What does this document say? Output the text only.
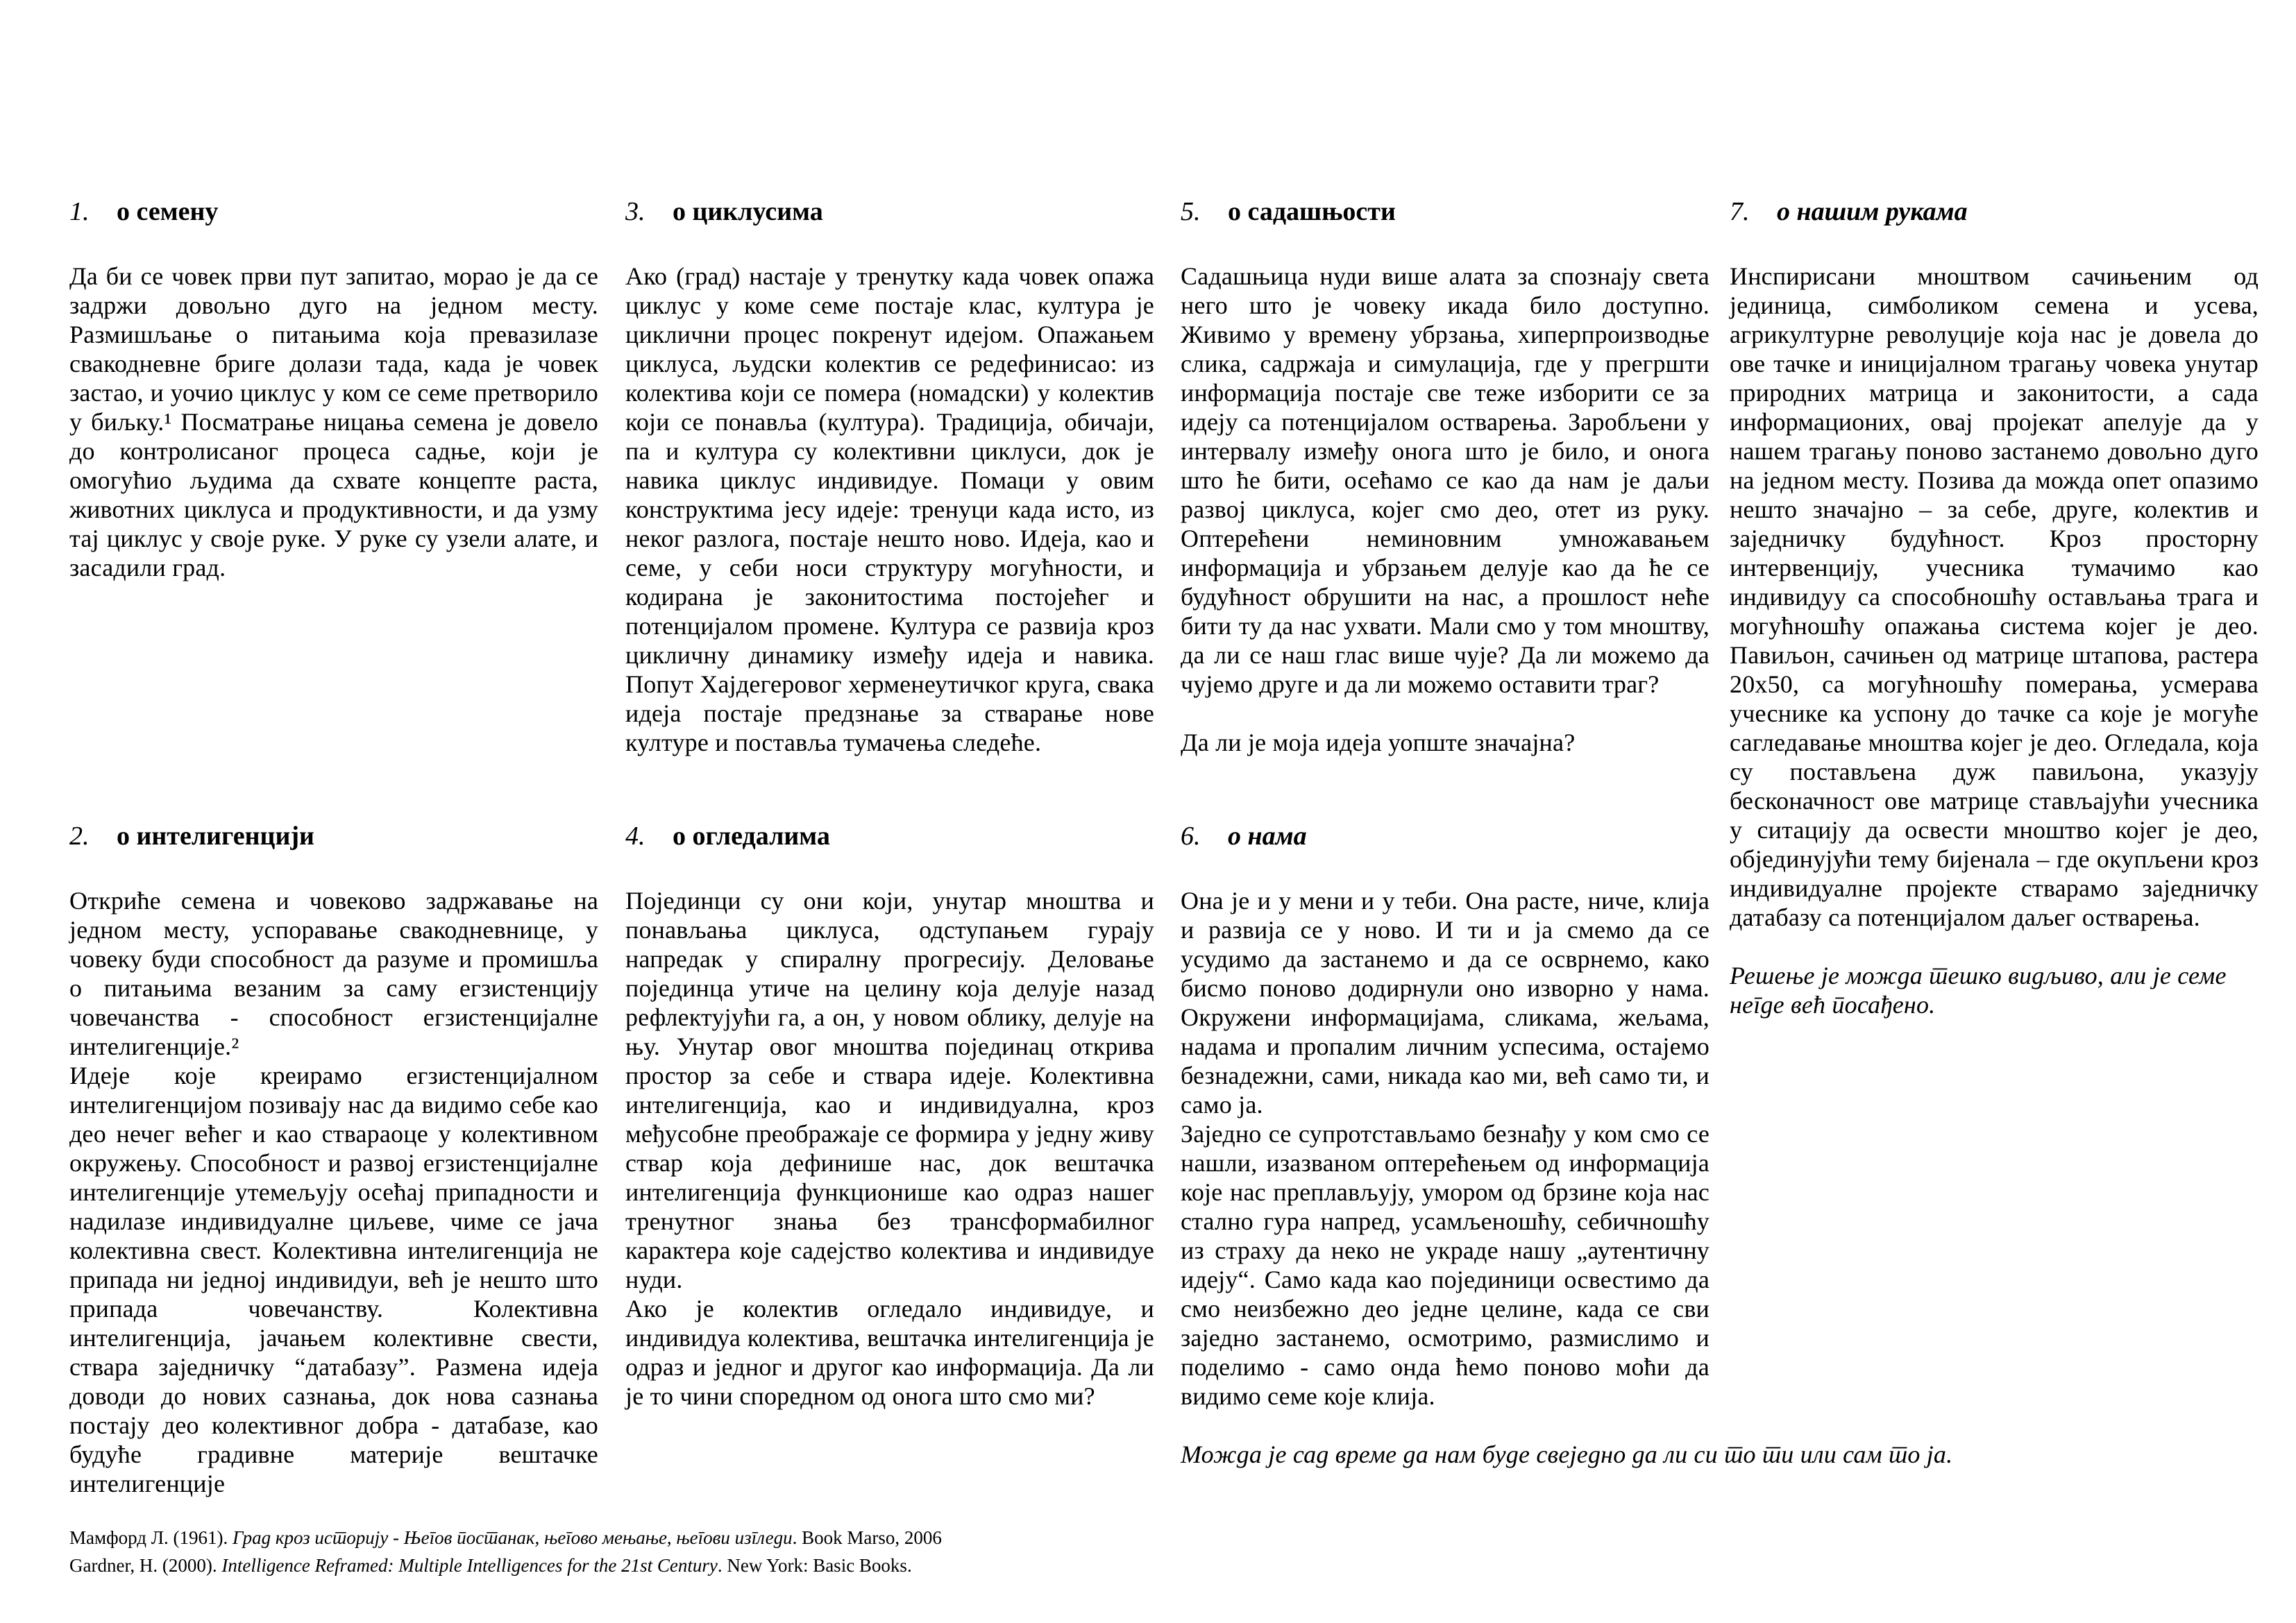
1. о семену

Да би се човек први пут запитао, морао је да се задржи довољно дуго на једном месту. Размишљање о питањима која превазилазе свакодневне бриге долази тада, када је човек застао, и уочио циклус у ком се семе претворило у биљку.¹ Посматрање ницања семена је довело до контролисаног процеса садње, који је омогућио људима да схвате концепте раста, животних циклуса и продуктивности, и да узму тај циклус у своје руке. У руке су узели алате, и засадили град.

2. о интелигенцији

Откриће семена и човеково задржавање на једном месту, успоравање свакодневнице, у човеку буди способност да разуме и промишља о питањима везаним за саму егзистенцију човечанства - способност егзистенцијалне интелигенције.²

Идеје које креирамо егзистенцијалном интелигенцијом позивају нас да видимо себе као део нечег већег и као ствараоце у колективном окружењу. Способност и развој егзистенцијалне интелигенције утемељују осећај припадности и надилазе индивидуалне циљеве, чиме се јача колективна свест. Колективна интелигенција не припада ни једној индивидуи, већ је нешто што припада човечанству. Колективна интелигенција, јачањем колективне свести, ствара заједничку “датабазу”. Размена идеја доводи до нових сазнања, док нова сазнања постају део колективног добра - датабазе, као будуће градивне материје вештачке интелигенције

3. о циклусима

Ако (град) настаје у тренутку када човек опажа циклус у коме семе постаје клас, култура је циклични процес покренут идејом. Опажањем циклуса, људски колектив се редефинисао: из колектива који се помера (номадски) у колектив који се понавља (култура). Традиција, обичаји, па и култура су колективни циклуси, док је навика циклус индивидуе. Помаци у овим конструктима јесу идеје: тренуци када исто, из неког разлога, постаје нешто ново. Идеја, као и семе, у себи носи структуру могућности, и кодирана је законитостима постојећег и потенцијалом промене. Култура се развија кроз цикличну динамику између идеја и навика. Попут Хајдегеровог херменеутичког круга, свака идеја постаје предзнање за стварање нове културе и поставља тумачења следеће.

4. о огледалима

Појединци су они који, унутар мноштва и понављања циклуса, одступањем гурају напредак у спиралну прогресију. Деловање појединца утиче на целину која делује назад рефлектујући га, а он, у новом облику, делује на њу. Унутар овог мноштва појединац открива простор за себе и ствара идеје. Колективна интелигенција, као и индивидуална, кроз међусобне преображаје се формира у једну живу ствар која дефинише нас, док вештачка интелигенција функционише као одраз нашег тренутног знања без трансформабилног карактера које садејство колектива и индивидуе нуди.

Ако је колектив огледало индивидуе, и индивидуа колектива, вештачка интелигенција је одраз и једног и другог као информација. Да ли је то чини споредном од онога што смо ми?

5. о садашњости

Садашњица нуди више алата за спознају света него што је човеку икада било доступно. Живимо у времену убрзања, хиперпроизводње слика, садржаја и симулација, где у прегршти информација постаје све теже изборити се за идеју са потенцијалом остварења. Заробљени у интервалу између онога што је било, и онога што ће бити, осећамо се као да нам је даљи развој циклуса, којег смо део, отет из руку. Оптерећени неминовним умножавањем информација и убрзањем делује као да ће се будућност обрушити на нас, а прошлост неће бити ту да нас ухвати. Мали смо у том мноштву, да ли се наш глас више чује? Да ли можемо да чујемо друге и да ли можемо оставити траг?

Да ли је моја идеја уопште значајна?

6. о нама

Она је и у мени и у теби. Она расте, ниче, клија и развија се у ново. И ти и ја смемо да се усудимо да застанемо и да се осврнемо, како бисмо поново додирнули оно изворно у нама. Окружени информацијама, сликама, жељама, надама и пропалим личним успесима, остајемо безнадежни, сами, никада као ми, већ само ти, и само ја.

Заједно се супротстављамо безнађу у ком смо се нашли, изазваном оптерећењем од информација које нас преплављују, умором од брзине која нас стално гура напред, усамљеношћу, себичношћу из страху да неко не украде нашу „аутентичну идеју“. Само када као појединици освестимо да смо неизбежно део једне целине, када се сви заједно застанемо, осмотримо, размислимо и поделимо - само онда ћемо поново моћи да видимо семе које клија.

Можда је сад време да нам буде свеједно да ли си то ти или сам то ја.

7. о нашим рукама

Инспирисани мноштвом сачињеним од јединица, симболиком семена и усева, агрикултурне револуције која нас је довела до ове тачке и иницијалном трагању човека унутар природних матрица и законитости, а сада информационих, овај пројекат апелује да у нашем трагању поново застанемо довољно дуго на једном месту. Позива да можда опет опазимо нешто значајно – за себе, друге, колектив и заједничку будућност. Кроз просторну интервенцију, учесника тумачимо као индивидуу са способношћу остављања трага и могућношћу опажања система којег је део. Павиљон, сачињен од матрице штапова, растера 20x50, са могућношћу померања, усмерава учеснике ка успону до тачке са које је могуће сагледавање мноштва којег је део. Огледала, која су постављена дуж павиљона, указују бесконачност ове матрице стављајући учесника у ситацију да освести мноштво којег је део, објединујући тему бијенала – где окупљени кроз индивидуалне пројекте стварамо заједничку датабазу са потенцијалом даљег остварења.

Решење је можда тешко видљиво, али је семе негде већ посађено.

Мамфорд Л. (1961). Град кроз историју - Његов постанак, његово мењање, његови изгледи. Book Marso, 2006

Gardner, H. (2000). Intelligence Reframed: Multiple Intelligences for the 21st Century. New York: Basic Books.
